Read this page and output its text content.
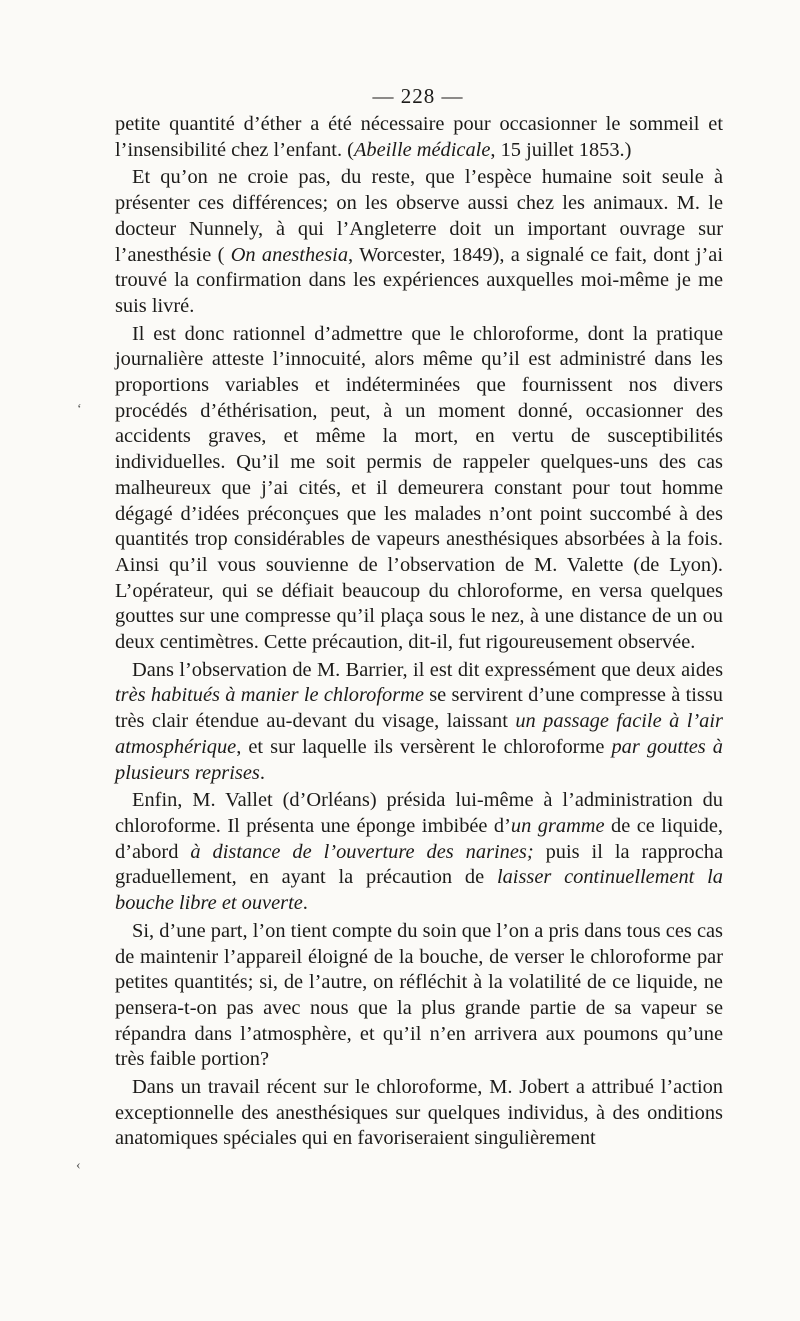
— 228 —

petite quantité d’éther a été nécessaire pour occasionner le sommeil et l’insensibilité chez l’enfant. (Abeille médicale, 15 juillet 1853.)

Et qu’on ne croie pas, du reste, que l’espèce humaine soit seule à présenter ces différences; on les observe aussi chez les animaux. M. le docteur Nunnely, à qui l’Angleterre doit un important ouvrage sur l’anesthésie ( On anesthesia, Worcester, 1849), a signalé ce fait, dont j’ai trouvé la confirmation dans les expériences auxquelles moi-même je me suis livré.

Il est donc rationnel d’admettre que le chloroforme, dont la pratique journalière atteste l’innocuité, alors même qu’il est administré dans les proportions variables et indéterminées que fournissent nos divers procédés d’éthérisation, peut, à un moment donné, occasionner des accidents graves, et même la mort, en vertu de susceptibilités individuelles. Qu’il me soit permis de rappeler quelques-uns des cas malheureux que j’ai cités, et il demeurera constant pour tout homme dégagé d’idées préconçues que les malades n’ont point succombé à des quantités trop considérables de vapeurs anesthésiques absorbées à la fois. Ainsi qu’il vous souvienne de l’observation de M. Valette (de Lyon). L’opérateur, qui se défiait beaucoup du chloroforme, en versa quelques gouttes sur une compresse qu’il plaça sous le nez, à une distance de un ou deux centimètres. Cette précaution, dit-il, fut rigoureusement observée.

Dans l’observation de M. Barrier, il est dit expressément que deux aides très habitués à manier le chloroforme se servirent d’une compresse à tissu très clair étendue au-devant du visage, laissant un passage facile à l’air atmosphérique, et sur laquelle ils versèrent le chloroforme par gouttes à plusieurs reprises.

Enfin, M. Vallet (d’Orléans) présida lui-même à l’administration du chloroforme. Il présenta une éponge imbibée d’un gramme de ce liquide, d’abord à distance de l’ouverture des narines; puis il la rapprocha graduellement, en ayant la précaution de laisser continuellement la bouche libre et ouverte.

Si, d’une part, l’on tient compte du soin que l’on a pris dans tous ces cas de maintenir l’appareil éloigné de la bouche, de verser le chloroforme par petites quantités; si, de l’autre, on réfléchit à la volatilité de ce liquide, ne pensera-t-on pas avec nous que la plus grande partie de sa vapeur se répandra dans l’atmosphère, et qu’il n’en arrivera aux poumons qu’une très faible portion?

Dans un travail récent sur le chloroforme, M. Jobert a attribué l’action exceptionnelle des anesthésiques sur quelques individus, à des onditions anatomiques spéciales qui en favoriseraient singulièrement

ʻ
‹
